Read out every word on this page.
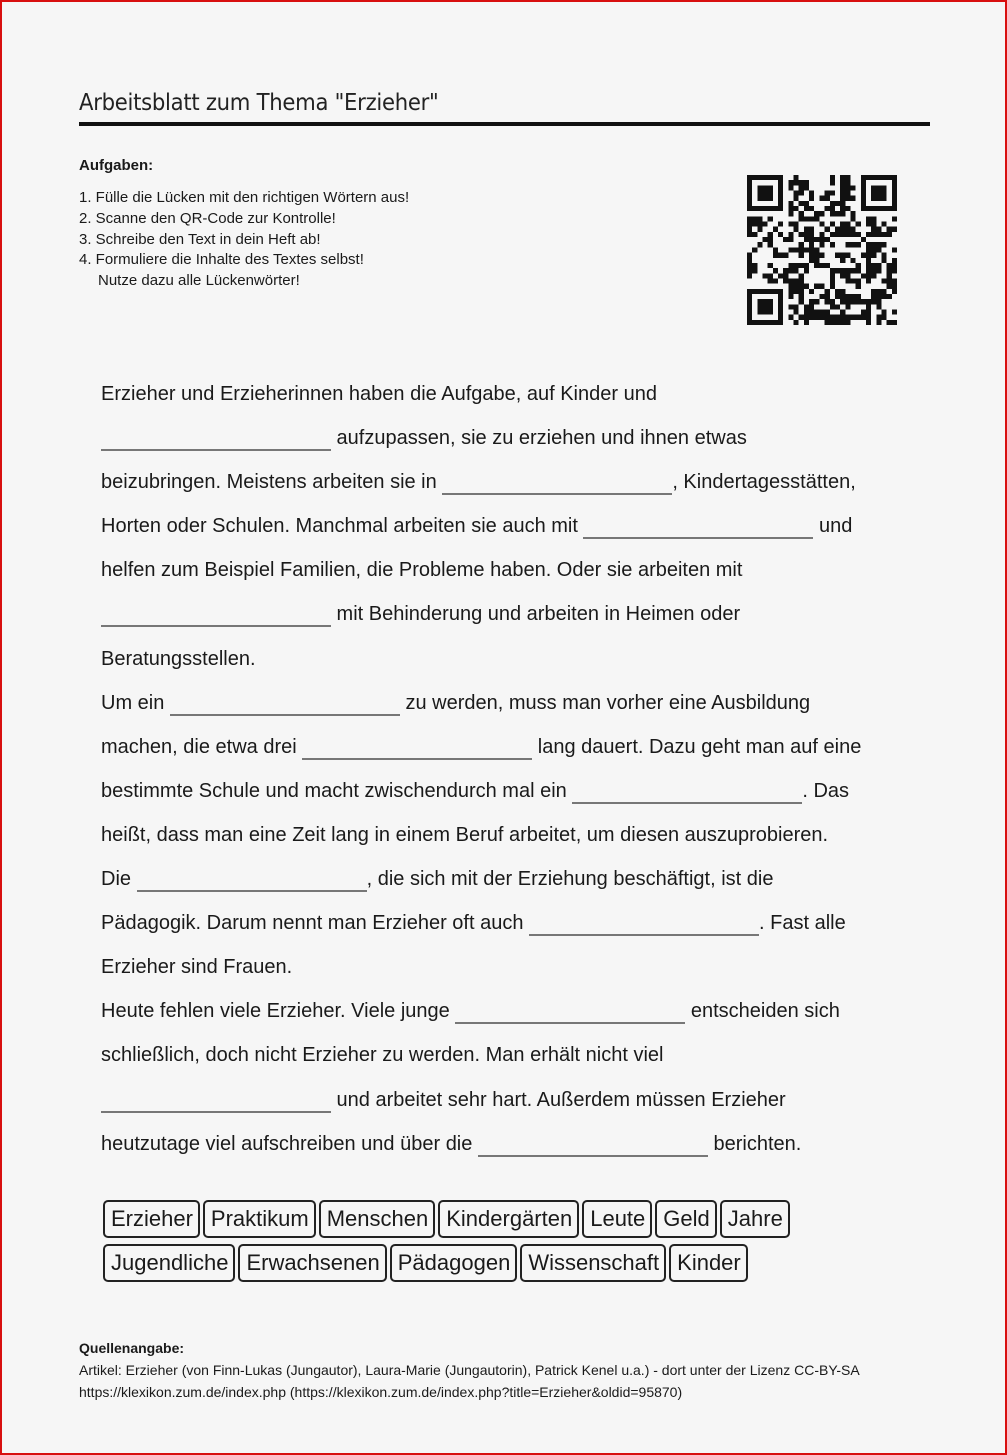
Arbeitsblatt zum Thema "Erzieher"
Aufgaben:
1. Fülle die Lücken mit den richtigen Wörtern aus!
2. Scanne den QR-Code zur Kontrolle!
3. Schreibe den Text in dein Heft ab!
4. Formuliere die Inhalte des Textes selbst!
Nutze dazu alle Lückenwörter!
Erzieher und Erzieherinnen haben die Aufgabe, auf Kinder und
aufzupassen, sie zu erziehen und ihnen etwas
beizubringen. Meistens arbeiten sie in	, Kindertagesstätten,
Horten oder Schulen. Manchmal arbeiten sie auch mit	und
helfen zum Beispiel Familien, die Probleme haben. Oder sie arbeiten mit
mit Behinderung und arbeiten in Heimen oder
Beratungsstellen.
Um ein	zu werden, muss man vorher eine Ausbildung
machen, die etwa drei	lang dauert. Dazu geht man auf eine
bestimmte Schule und macht zwischendurch mal ein	. Das
heißt, dass man eine Zeit lang in einem Beruf arbeitet, um diesen auszuprobieren.
Die	, die sich mit der Erziehung beschäftigt, ist die
Pädagogik. Darum nennt man Erzieher oft auch	. Fast alle
Erzieher sind Frauen.
Heute fehlen viele Erzieher. Viele junge	entscheiden sich
schließlich, doch nicht Erzieher zu werden. Man erhält nicht viel
und arbeitet sehr hart. Außerdem müssen Erzieher
heutzutage viel aufschreiben und über die	berichten.
Erzieher Praktikum Menschen Kindergärten Leute Geld Jahre
Jugendliche Erwachsenen Pädagogen Wissenschaft Kinder
Quellenangabe:
Artikel: Erzieher (von Finn-Lukas (Jungautor), Laura-Marie (Jungautorin), Patrick Kenel u.a.) - dort unter der Lizenz CC-BY-SA
https://klexikon.zum.de/index.php (https://klexikon.zum.de/index.php?title=Erzieher&oldid=95870)
